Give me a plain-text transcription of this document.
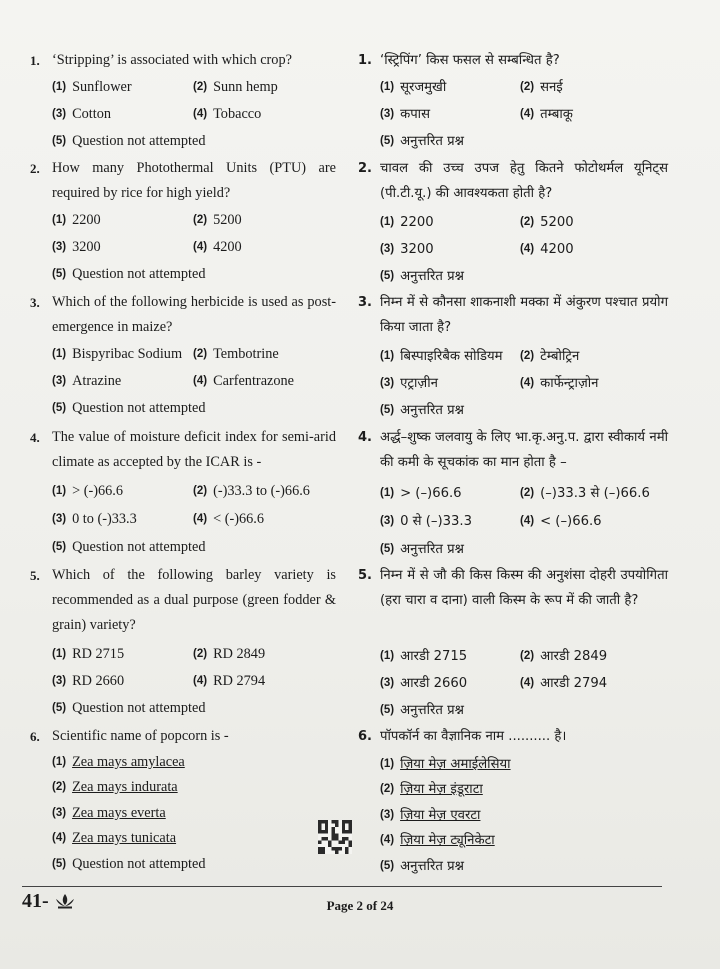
1. ‘Stripping’ is associated with which crop?
(1) Sunflower	(2) Sunn hemp
(3) Cotton	(4) Tobacco
(5) Question not attempted
2. How many Photothermal Units (PTU) are required by rice for high yield?
(1) 2200	(2) 5200
(3) 3200	(4) 4200
(5) Question not attempted
3. Which of the following herbicide is used as post-emergence in maize?
(1) Bispyribac Sodium (2) Tembotrine
(3) Atrazine	(4) Carfentrazone
(5) Question not attempted
4. The value of moisture deficit index for semi-arid climate as accepted by the ICAR is -
(1) > (-)66.6	(2) (-)33.3 to (-)66.6
(3) 0 to (-)33.3	(4) < (-)66.6
(5) Question not attempted
5. Which of the following barley variety is recommended as a dual purpose (green fodder & grain) variety?
(1) RD 2715	(2) RD 2849
(3) RD 2660	(4) RD 2794
(5) Question not attempted
6. Scientific name of popcorn is -
(1) Zea mays amylacea
(2) Zea mays indurata
(3) Zea mays everta
(4) Zea mays tunicata
(5) Question not attempted
1. ‘स्ट्रिपिंग’ किस फसल से सम्बन्धित है?
(1) सूरजमुखी	(2) सनई
(3) कपास	(4) तम्बाकू
(5) अनुत्तरित प्रश्न
2. चावल की उच्च उपज हेतु कितने फोटोथर्मल यूनिट्स (पी.टी.यू.) की आवश्यकता होती है?
(1) 2200	(2) 5200
(3) 3200	(4) 4200
(5) अनुत्तरित प्रश्न
3. निम्न में से कौनसा शाकनाशी मक्का में अंकुरण पश्चात प्रयोग किया जाता है?
(1) बिस्पाइरिबैक सोडियम (2) टेम्बोट्रिन
(3) एट्राज़ीन	(4) कार्फेन्ट्राज़ोन
(5) अनुत्तरित प्रश्न
4. अर्द्ध–शुष्क जलवायु के लिए भा.कृ.अनु.प. द्वारा स्वीकार्य नमी की कमी के सूचकांक का मान होता है –
(1) > (–)66.6	(2) (–)33.3 से (–)66.6
(3) 0 से (–)33.3	(4) < (–)66.6
(5) अनुत्तरित प्रश्न
5. निम्न में से जौ की किस किस्म की अनुशंसा दोहरी उपयोगिता (हरा चारा व दाना) वाली किस्म के रूप में की जाती है?
(1) आरडी 2715	(2) आरडी 2849
(3) आरडी 2660	(4) आरडी 2794
(5) अनुत्तरित प्रश्न
6. पॉपकॉर्न का वैज्ञानिक नाम .......... है।
(1) ज़िया मेज़ अमाईलेसिया
(2) ज़िया मेज़ इंडूराटा
(3) ज़िया मेज़ एवरटा
(4) ज़िया मेज़ ट्यूनिकेटा
(5) अनुत्तरित प्रश्न
41-	Page 2 of 24
